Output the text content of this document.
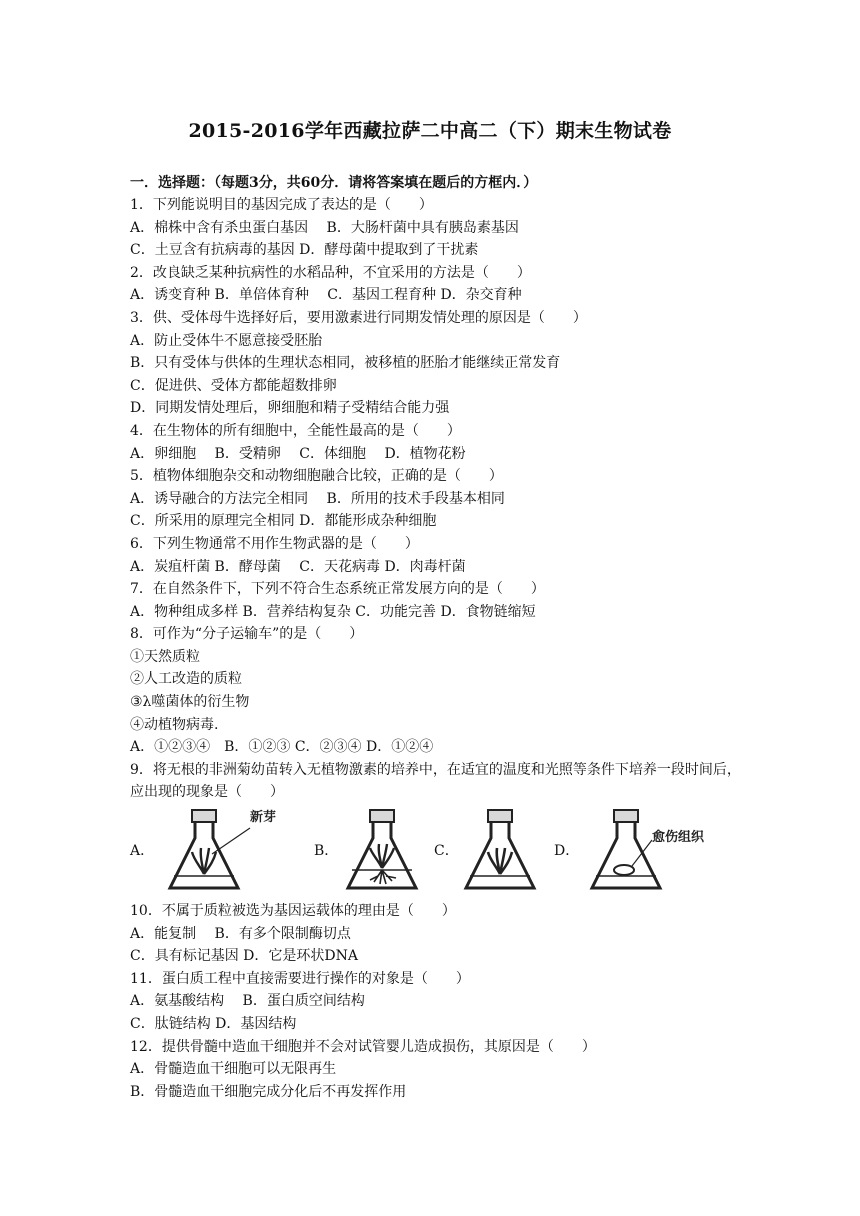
2015-2016学年西藏拉萨二中高二（下）期末生物试卷
一．选择题：（每题3分，共60分．请将答案填在题后的方框内．）
1．下列能说明目的基因完成了表达的是（　　）
A．棉株中含有杀虫蛋白基因　 B．大肠杆菌中具有胰岛素基因
C．土豆含有抗病毒的基因 D．酵母菌中提取到了干扰素
2．改良缺乏某种抗病性的水稻品种，不宜采用的方法是（　　）
A．诱变育种 B．单倍体育种　 C．基因工程育种 D．杂交育种
3．供、受体母牛选择好后，要用激素进行同期发情处理的原因是（　　）
A．防止受体牛不愿意接受胚胎
B．只有受体与供体的生理状态相同，被移植的胚胎才能继续正常发育
C．促进供、受体方都能超数排卵
D．同期发情处理后，卵细胞和精子受精结合能力强
4．在生物体的所有细胞中，全能性最高的是（　　）
A．卵细胞　 B．受精卵　 C．体细胞　 D．植物花粉
5．植物体细胞杂交和动物细胞融合比较，正确的是（　　）
A．诱导融合的方法完全相同　 B．所用的技术手段基本相同
C．所采用的原理完全相同 D．都能形成杂种细胞
6．下列生物通常不用作生物武器的是（　　）
A．炭疽杆菌 B．酵母菌　 C．天花病毒 D．肉毒杆菌
7．在自然条件下，下列不符合生态系统正常发展方向的是（　　）
A．物种组成多样 B．营养结构复杂 C．功能完善 D．食物链缩短
8．可作为“分子运输车”的是（　　）
①天然质粒
②人工改造的质粒
③λ噬菌体的衍生物
④动植物病毒.
A．①②③④　B．①②③ C．②③④ D．①②④
9．将无根的非洲菊幼苗转入无植物激素的培养中，在适宜的温度和光照等条件下培养一段时间后，应出现的现象是（　　）
A．
新芽
B．	C．	D．
愈伤组织
10．不属于质粒被选为基因运载体的理由是（　　）
A．能复制　 B．有多个限制酶切点
C．具有标记基因 D．它是环状DNA
11．蛋白质工程中直接需要进行操作的对象是（　　）
A．氨基酸结构　 B．蛋白质空间结构
C．肽链结构 D．基因结构
12．提供骨髓中造血干细胞并不会对试管婴儿造成损伤，其原因是（　　）
A．骨髓造血干细胞可以无限再生
B．骨髓造血干细胞完成分化后不再发挥作用
